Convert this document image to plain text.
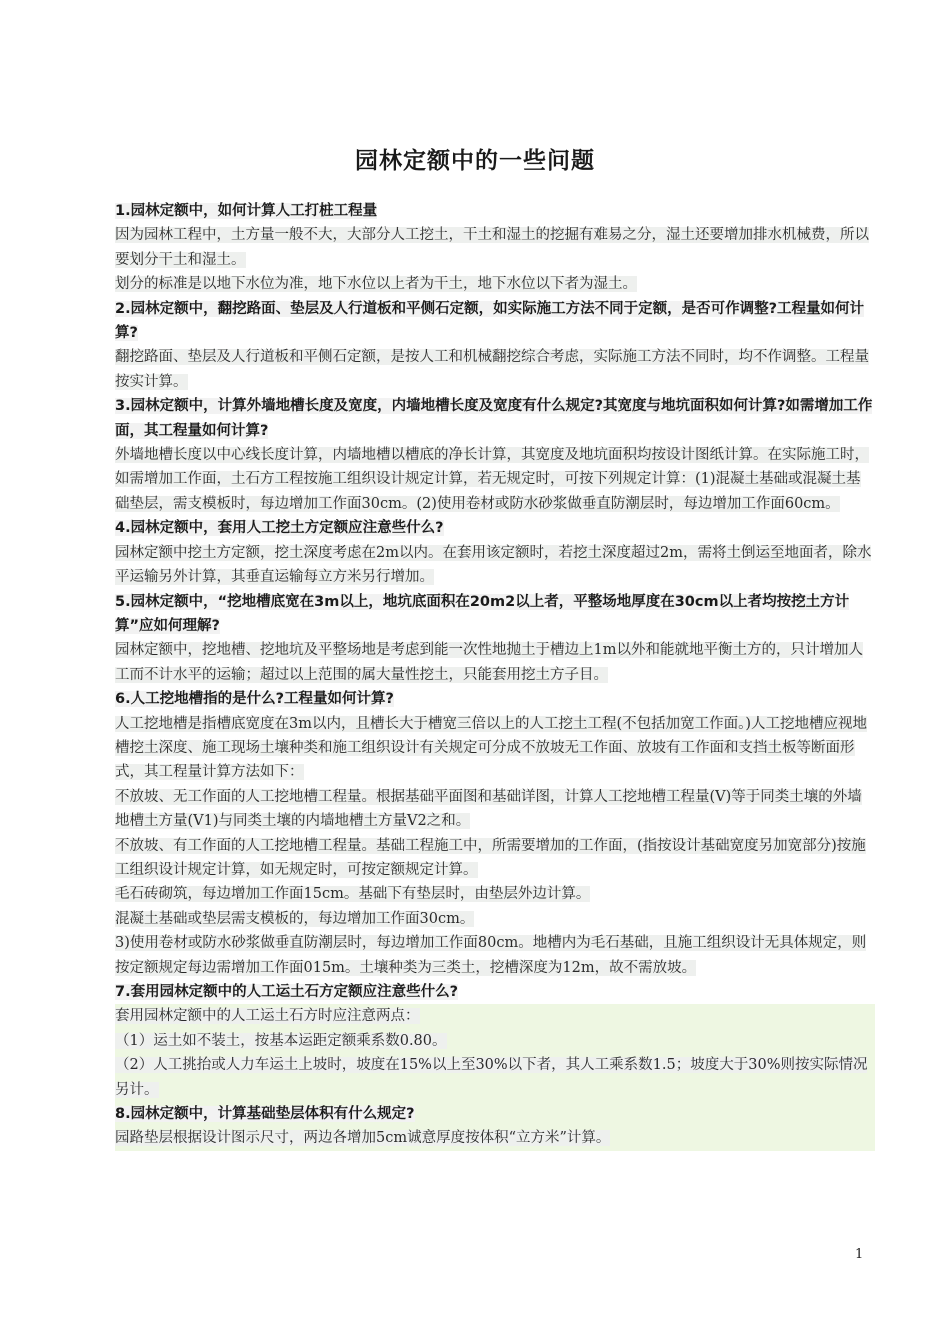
园林定额中的一些问题

1.园林定额中，如何计算人工打桩工程量

因为园林工程中，土方量一般不大，大部分人工挖土，干土和湿土的挖掘有难易之分，湿土还要增加排水机械费，所以要划分干土和湿土。

划分的标准是以地下水位为准，地下水位以上者为干土，地下水位以下者为湿土。

2.园林定额中，翻挖路面、垫层及人行道板和平侧石定额，如实际施工方法不同于定额，是否可作调整?工程量如何计算?

翻挖路面、垫层及人行道板和平侧石定额，是按人工和机械翻挖综合考虑，实际施工方法不同时，均不作调整。工程量按实计算。

3.园林定额中，计算外墙地槽长度及宽度，内墙地槽长度及宽度有什么规定?其宽度与地坑面积如何计算?如需增加工作面，其工程量如何计算?

外墙地槽长度以中心线长度计算，内墙地槽以槽底的净长计算，其宽度及地坑面积均按设计图纸计算。在实际施工时，如需增加工作面，土石方工程按施工组织设计规定计算，若无规定时，可按下列规定计算：(1)混凝土基础或混凝土基础垫层，需支模板时，每边增加工作面30cm。(2)使用卷材或防水砂浆做垂直防潮层时，每边增加工作面60cm。

4.园林定额中，套用人工挖土方定额应注意些什么?

园林定额中挖土方定额，挖土深度考虑在2m以内。在套用该定额时，若挖土深度超过2m，需将土倒运至地面者，除水平运输另外计算，其垂直运输每立方米另行增加。

5.园林定额中，“挖地槽底宽在3m以上，地坑底面积在20m2以上者，平整场地厚度在30cm以上者均按挖土方计算”应如何理解?

园林定额中，挖地槽、挖地坑及平整场地是考虑到能一次性地抛土于槽边上1m以外和能就地平衡土方的，只计增加人工而不计水平的运输；超过以上范围的属大量性挖土，只能套用挖土方子目。

6.人工挖地槽指的是什么?工程量如何计算?

人工挖地槽是指槽底宽度在3m以内，且槽长大于槽宽三倍以上的人工挖土工程(不包括加宽工作面。)人工挖地槽应视地槽挖土深度、施工现场土壤种类和施工组织设计有关规定可分成不放坡无工作面、放坡有工作面和支挡土板等断面形式，其工程量计算方法如下：

不放坡、无工作面的人工挖地槽工程量。根据基础平面图和基础详图，计算人工挖地槽工程量(V)等于同类土壤的外墙地槽土方量(V1)与同类土壤的内墙地槽土方量V2之和。

不放坡、有工作面的人工挖地槽工程量。基础工程施工中，所需要增加的工作面，(指按设计基础宽度另加宽部分)按施工组织设计规定计算，如无规定时，可按定额规定计算。

毛石砖砌筑，每边增加工作面15cm。基础下有垫层时，由垫层外边计算。

混凝土基础或垫层需支模板的，每边增加工作面30cm。

3)使用卷材或防水砂浆做垂直防潮层时，每边增加工作面80cm。地槽内为毛石基础，且施工组织设计无具体规定，则按定额规定每边需增加工作面015m。土壤种类为三类土，挖槽深度为12m，故不需放坡。

7.套用园林定额中的人工运土石方定额应注意些什么?

套用园林定额中的人工运土石方时应注意两点：

（1）运土如不装土，按基本运距定额乘系数0.80。

（2）人工挑抬或人力车运土上坡时，坡度在15%以上至30%以下者，其人工乘系数1.5；坡度大于30%则按实际情况另计。

8.园林定额中，计算基础垫层体积有什么规定?

园路垫层根据设计图示尺寸，两边各增加5cm诚意厚度按体积“立方米”计算。

1
